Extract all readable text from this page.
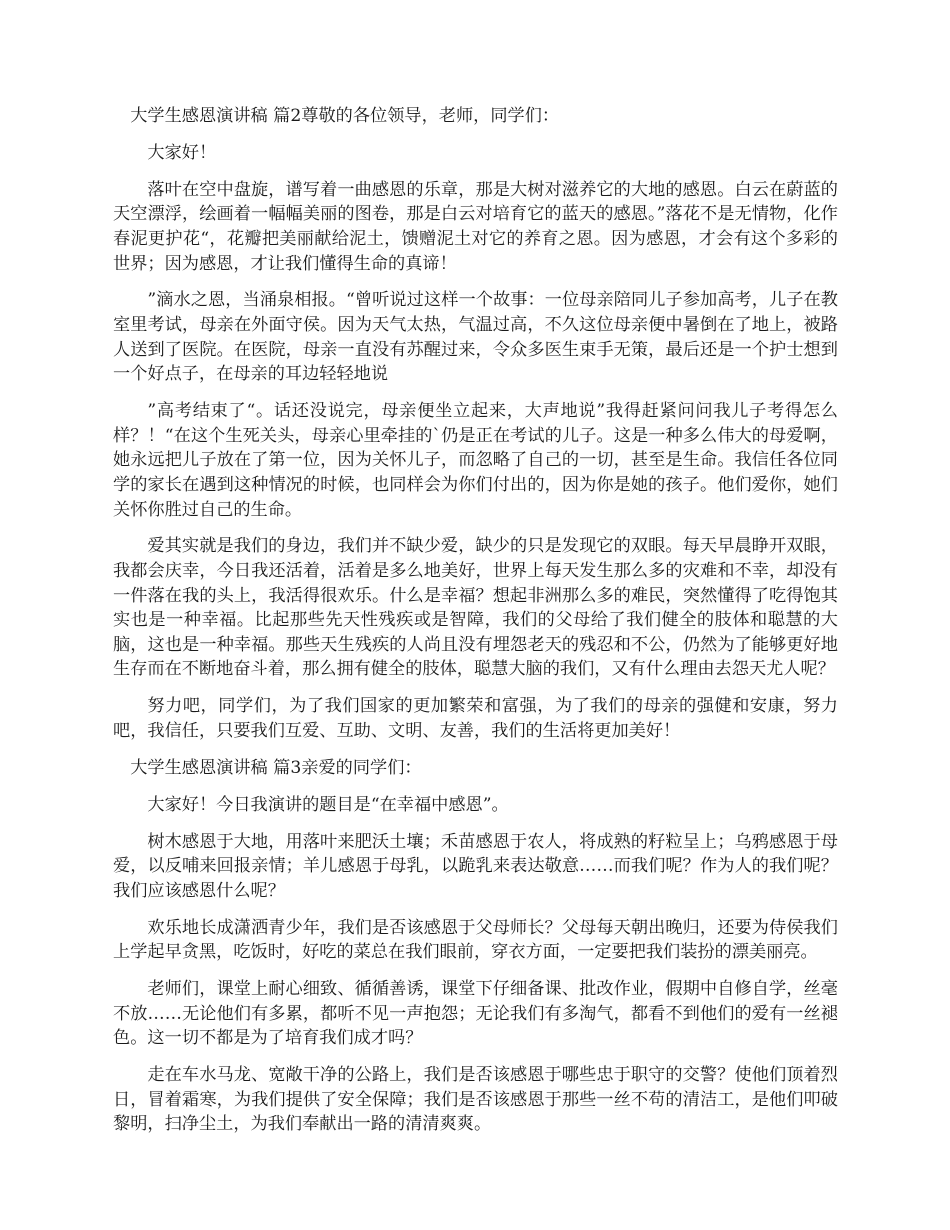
大学生感恩演讲稿 篇2尊敬的各位领导，老师，同学们：

大家好！

落叶在空中盘旋，谱写着一曲感恩的乐章，那是大树对滋养它的大地的感恩。白云在蔚蓝的天空漂浮，绘画着一幅幅美丽的图卷，那是白云对培育它的蓝天的感恩。”落花不是无情物，化作春泥更护花“，花瓣把美丽献给泥土，馈赠泥土对它的养育之恩。因为感恩，才会有这个多彩的世界；因为感恩，才让我们懂得生命的真谛！

”滴水之恩，当涌泉相报。“曾听说过这样一个故事：一位母亲陪同儿子参加高考，儿子在教室里考试，母亲在外面守侯。因为天气太热，气温过高，不久这位母亲便中暑倒在了地上，被路人送到了医院。在医院，母亲一直没有苏醒过来，令众多医生束手无策，最后还是一个护士想到一个好点子，在母亲的耳边轻轻地说

”高考结束了“。话还没说完，母亲便坐立起来，大声地说”我得赶紧问问我儿子考得怎么样？！“在这个生死关头，母亲心里牵挂的`仍是正在考试的儿子。这是一种多么伟大的母爱啊，她永远把儿子放在了第一位，因为关怀儿子，而忽略了自己的一切，甚至是生命。我信任各位同学的家长在遇到这种情况的时候，也同样会为你们付出的，因为你是她的孩子。他们爱你，她们关怀你胜过自己的生命。

爱其实就是我们的身边，我们并不缺少爱，缺少的只是发现它的双眼。每天早晨睁开双眼，我都会庆幸，今日我还活着，活着是多么地美好，世界上每天发生那么多的灾难和不幸，却没有一件落在我的头上，我活得很欢乐。什么是幸福？想起非洲那么多的难民，突然懂得了吃得饱其实也是一种幸福。比起那些先天性残疾或是智障，我们的父母给了我们健全的肢体和聪慧的大脑，这也是一种幸福。那些天生残疾的人尚且没有埋怨老天的残忍和不公，仍然为了能够更好地生存而在不断地奋斗着，那么拥有健全的肢体，聪慧大脑的我们，又有什么理由去怨天尤人呢？

努力吧，同学们，为了我们国家的更加繁荣和富强，为了我们的母亲的强健和安康，努力吧，我信任，只要我们互爱、互助、文明、友善，我们的生活将更加美好！

大学生感恩演讲稿 篇3亲爱的同学们：

大家好！今日我演讲的题目是“在幸福中感恩”。

树木感恩于大地，用落叶来肥沃土壤；禾苗感恩于农人，将成熟的籽粒呈上；乌鸦感恩于母爱，以反哺来回报亲情；羊儿感恩于母乳，以跪乳来表达敬意……而我们呢？作为人的我们呢？我们应该感恩什么呢？

欢乐地长成潇洒青少年，我们是否该感恩于父母师长？父母每天朝出晚归，还要为侍侯我们上学起早贪黑，吃饭时，好吃的菜总在我们眼前，穿衣方面，一定要把我们装扮的漂美丽亮。

老师们，课堂上耐心细致、循循善诱，课堂下仔细备课、批改作业，假期中自修自学，丝毫不放……无论他们有多累，都听不见一声抱怨；无论我们有多淘气，都看不到他们的爱有一丝褪色。这一切不都是为了培育我们成才吗？

走在车水马龙、宽敞干净的公路上，我们是否该感恩于哪些忠于职守的交警？使他们顶着烈日，冒着霜寒，为我们提供了安全保障；我们是否该感恩于那些一丝不苟的清洁工，是他们叩破黎明，扫净尘土，为我们奉献出一路的清清爽爽。
